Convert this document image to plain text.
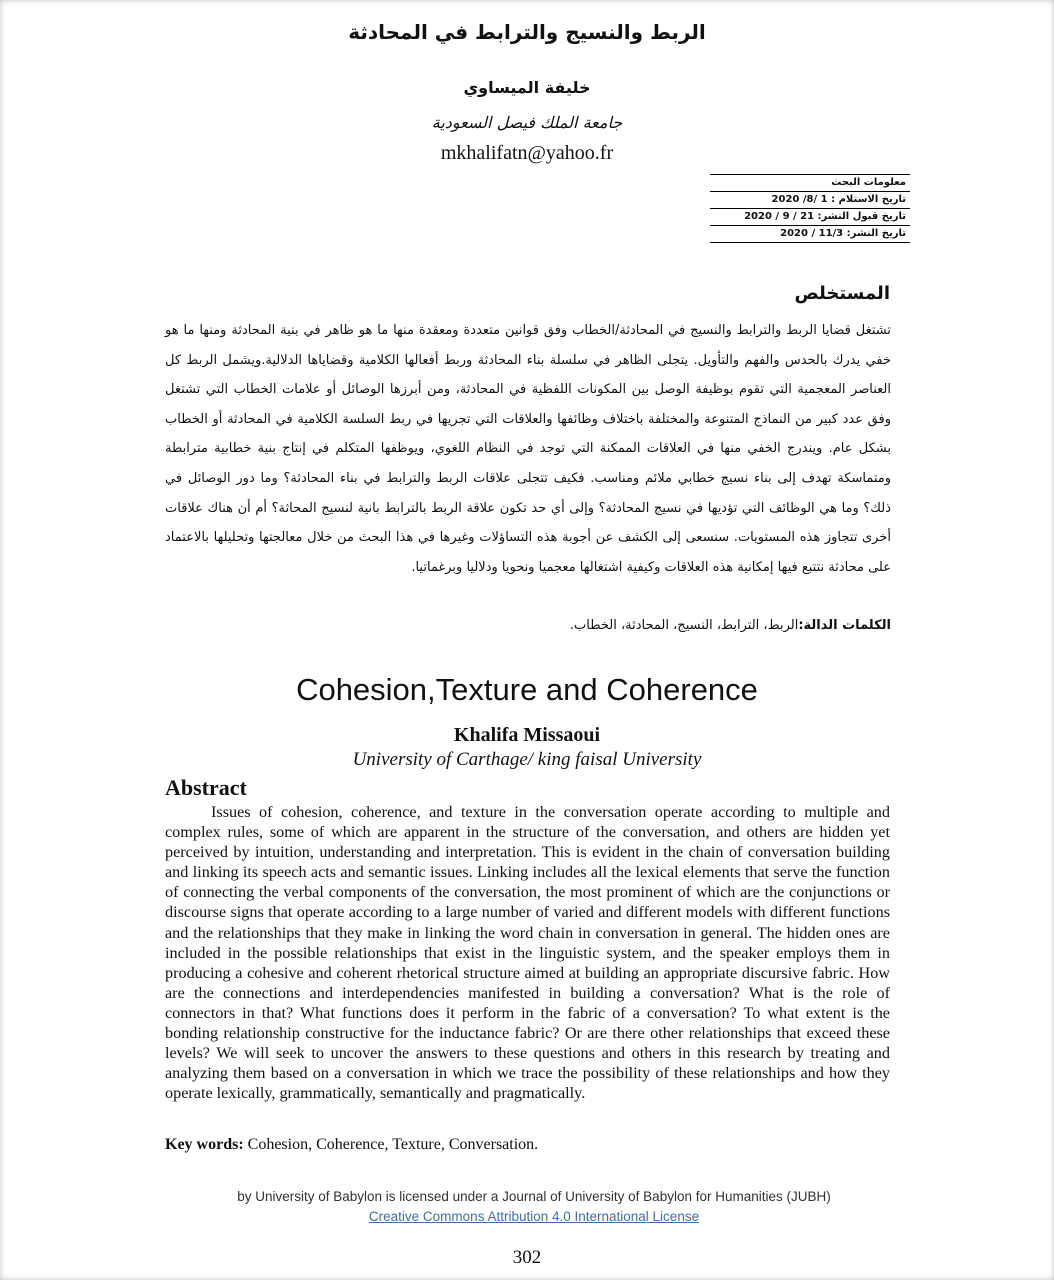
الربط والنسيج والترابط في المحادثة
خليفة الميساوي
جامعة الملك فيصل السعودية
mkhalifatn@yahoo.fr
معلومات البحث
تاريخ الاستلام : 1 /8/ 2020
تاريخ قبول النشر: 21 / 9 / 2020
تاريخ النشر: 11/3 / 2020
المستخلص
تشتغل قضايا الربط والترابط والنسيج في المحادثة/الخطاب وفق قوانين متعددة ومعقدة منها ما هو ظاهر في بنية المحادثة ومنها ما هو خفي يدرك بالحدس والفهم والتأويل. يتجلى الظاهر في سلسلة بناء المحادثة وربط أفعالها الكلامية وقضاياها الدلالية.ويشمل الربط كل العناصر المعجمية التي تقوم بوظيفة الوصل بين المكونات اللفظية في المحادثة، ومن أبرزها الوصائل أو علامات الخطاب التي تشتغل وفق عدد كبير من النماذج المتنوعة والمختلفة باختلاف وظائفها والعلاقات التي تجريها في ربط السلسة الكلامية في المحادثة أو الخطاب بشكل عام. ويندرج الخفي منها في العلاقات الممكنة التي توجد في النظام اللغوي، ويوظفها المتكلم في إنتاج بنية خطابية مترابطة ومتماسكة تهدف إلى بناء نسيج خطابي ملائم ومناسب. فكيف تتجلى علاقات الربط والترابط في بناء المحادثة؟ وما دور الوصائل في ذلك؟ وما هي الوظائف التي تؤديها في نسيج المحادثة؟ وإلى أي حد تكون علاقة الربط بالترابط بانية لنسيج المحاثة؟ أم أن هناك علاقات أخرى تتجاوز هذه المستويات. سنسعى إلى الكشف عن أجوبة هذه التساؤلات وغيرها في هذا البحث من خلال معالجتها وتحليلها بالاعتماد على محادثة نتتبع فيها إمكانية هذه العلاقات وكيفية اشتغالها معجميا ونحويا ودلاليا وبرغماتيا.
الكلمات الدالة:الربط، الترابط، النسيج، المحادثة، الخطاب.
Cohesion,Texture and Coherence
Khalifa Missaoui
University of Carthage/ king faisal University
Abstract
Issues of cohesion, coherence, and texture in the conversation operate according to multiple and complex rules, some of which are apparent in the structure of the conversation, and others are hidden yet perceived by intuition, understanding and interpretation. This is evident in the chain of conversation building and linking its speech acts and semantic issues. Linking includes all the lexical elements that serve the function of connecting the verbal components of the conversation, the most prominent of which are the conjunctions or discourse signs that operate according to a large number of varied and different models with different functions and the relationships that they make in linking the word chain in conversation in general. The hidden ones are included in the possible relationships that exist in the linguistic system, and the speaker employs them in producing a cohesive and coherent rhetorical structure aimed at building an appropriate discursive fabric. How are the connections and interdependencies manifested in building a conversation? What is the role of connectors in that? What functions does it perform in the fabric of a conversation? To what extent is the bonding relationship constructive for the inductance fabric? Or are there other relationships that exceed these levels? We will seek to uncover the answers to these questions and others in this research by treating and analyzing them based on a conversation in which we trace the possibility of these relationships and how they operate lexically, grammatically, semantically and pragmatically.
Key words: Cohesion, Coherence, Texture, Conversation.
by University of Babylon is licensed under a Journal of University of Babylon for Humanities (JUBH)
Creative Commons Attribution 4.0 International License
302
